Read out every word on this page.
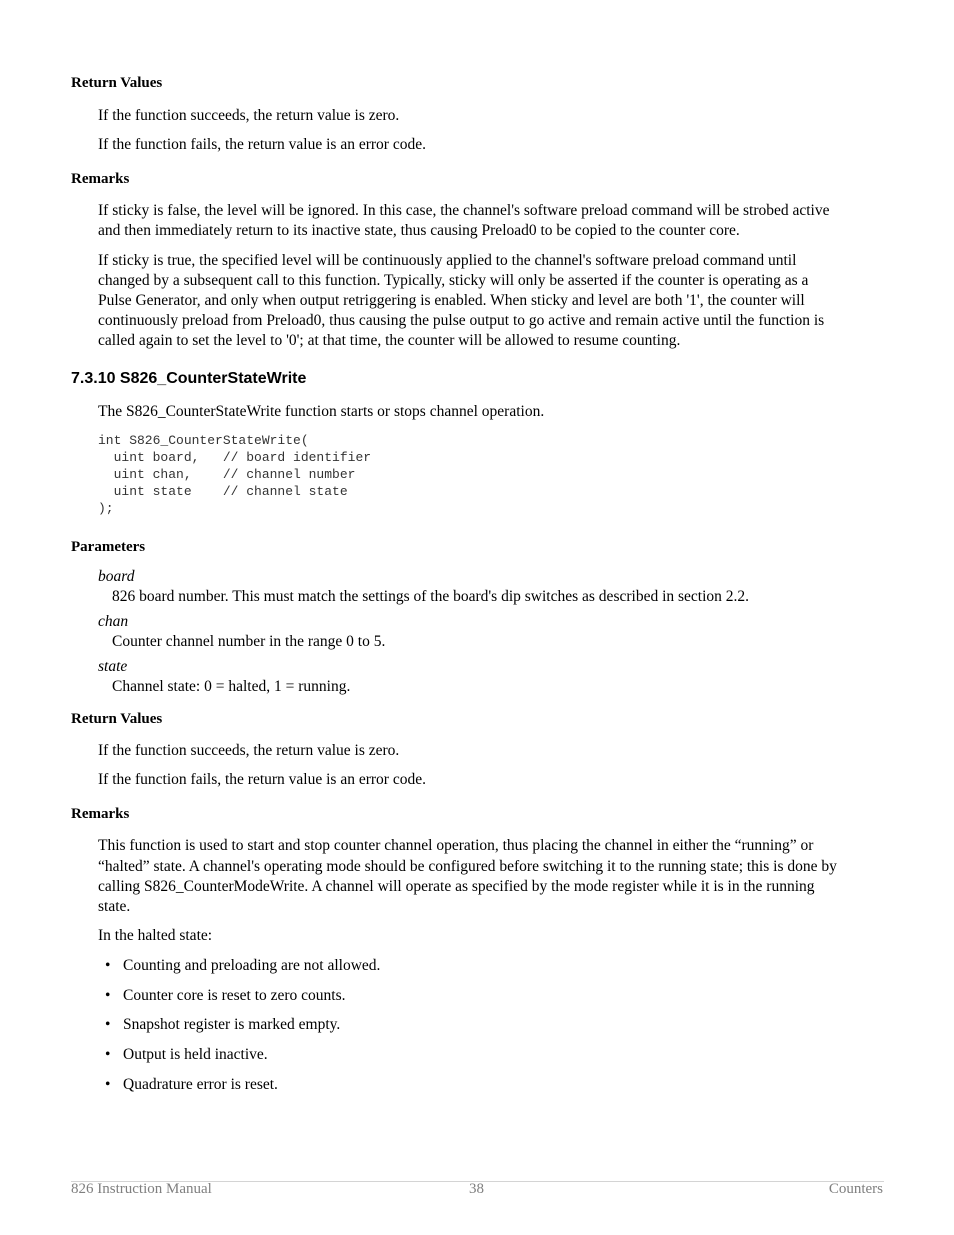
Return Values
If the function succeeds, the return value is zero.
If the function fails, the return value is an error code.
Remarks
If sticky is false, the level will be ignored. In this case, the channel's software preload command will be strobed active
and then immediately return to its inactive state, thus causing Preload0 to be copied to the counter core.
If sticky is true, the specified level will be continuously applied to the channel's software preload command until
changed by a subsequent call to this function. Typically, sticky will only be asserted if the counter is operating as a
Pulse Generator, and only when output retriggering is enabled. When sticky and level are both '1', the counter will
continuously preload from Preload0, thus causing the pulse output to go active and remain active until the function is
called again to set the level to '0'; at that time, the counter will be allowed to resume counting.
7.3.10 S826_CounterStateWrite
The S826_CounterStateWrite function starts or stops channel operation.
int S826_CounterStateWrite(
uint board,   // board identifier
uint chan,    // channel number
uint state    // channel state
);
Parameters
board
826 board number. This must match the settings of the board's dip switches as described in section 2.2.
chan
Counter channel number in the range 0 to 5.
state
Channel state: 0 = halted, 1 = running.
Return Values
If the function succeeds, the return value is zero.
If the function fails, the return value is an error code.
Remarks
This function is used to start and stop counter channel operation, thus placing the channel in either the “running” or
“halted” state. A channel's operating mode should be configured before switching it to the running state; this is done by
calling S826_CounterModeWrite. A channel will operate as specified by the mode register while it is in the running
state.
In the halted state:
• Counting and preloading are not allowed.
• Counter core is reset to zero counts.
• Snapshot register is marked empty.
• Output is held inactive.
• Quadrature error is reset.
826 Instruction Manual	38	Counters
